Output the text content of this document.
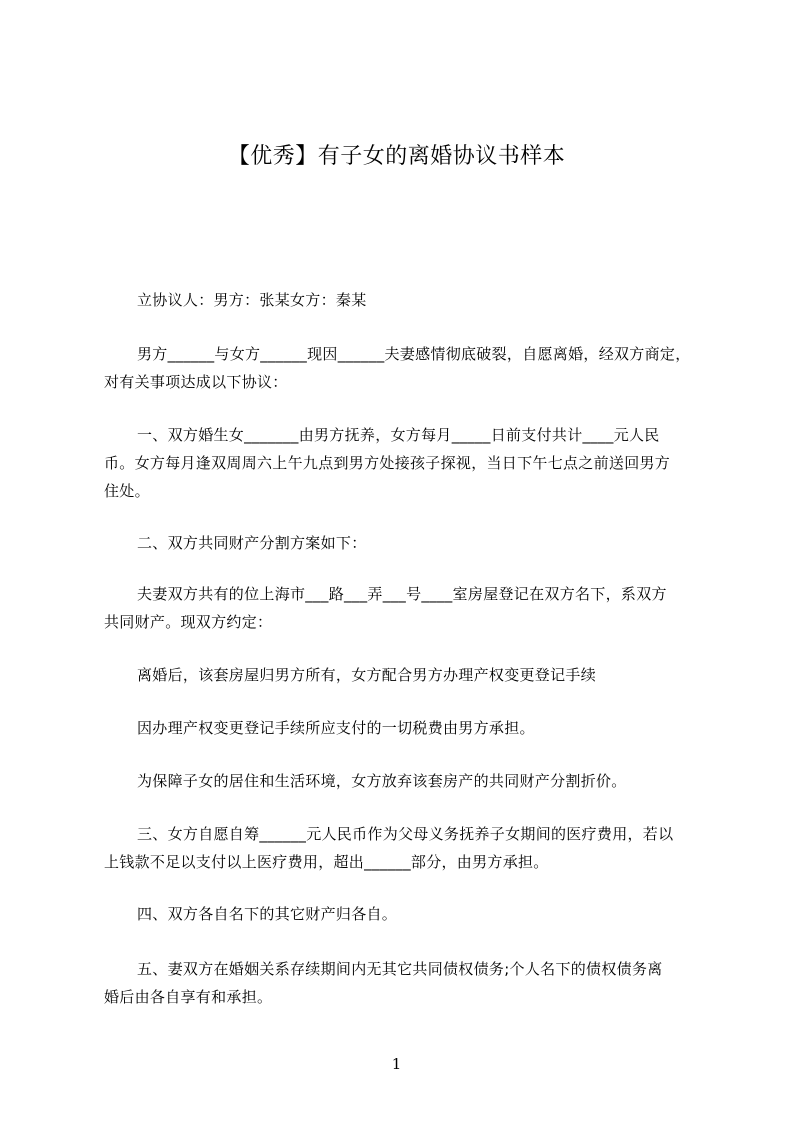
【优秀】有子女的离婚协议书样本
立协议人：男方：张某女方：秦某
男方______与女方______现因______夫妻感情彻底破裂，自愿离婚，经双方商定，
对有关事项达成以下协议：
一、双方婚生女_______由男方抚养，女方每月_____日前支付共计____元人民
币。女方每月逢双周周六上午九点到男方处接孩子探视，当日下午七点之前送回男方
住处。
二、双方共同财产分割方案如下：
夫妻双方共有的位上海市___路___弄___号____室房屋登记在双方名下，系双方
共同财产。现双方约定：
离婚后，该套房屋归男方所有，女方配合男方办理产权变更登记手续
因办理产权变更登记手续所应支付的一切税费由男方承担。
为保障子女的居住和生活环境，女方放弃该套房产的共同财产分割折价。
三、女方自愿自筹______元人民币作为父母义务抚养子女期间的医疗费用，若以
上钱款不足以支付以上医疗费用，超出______部分，由男方承担。
四、双方各自名下的其它财产归各自。
五、妻双方在婚姻关系存续期间内无其它共同债权债务;个人名下的债权债务离
婚后由各自享有和承担。
1
